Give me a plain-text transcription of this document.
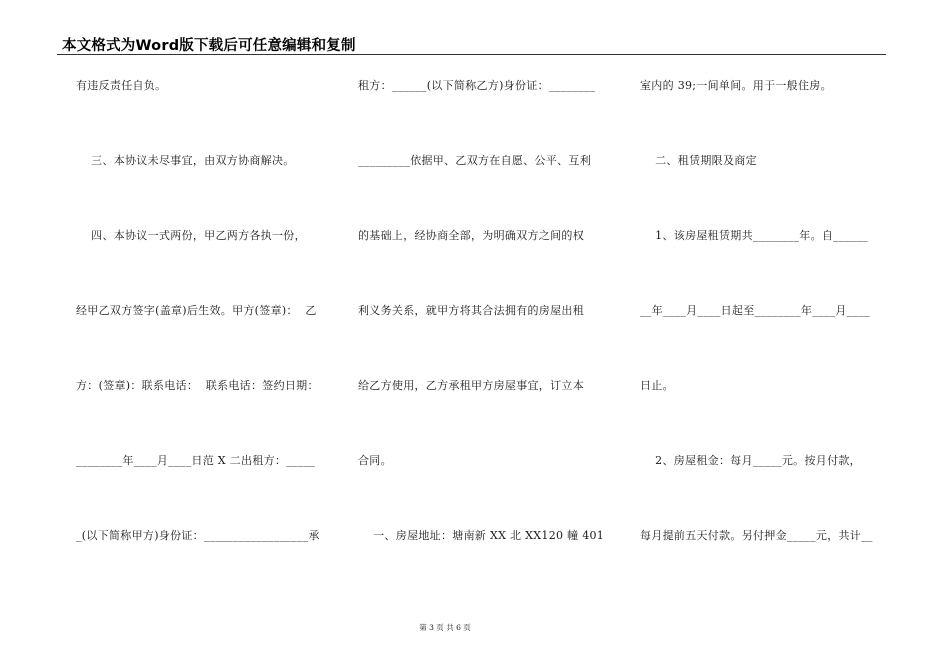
本文格式为Word版下载后可任意编辑和复制
有违反责任自负。
三、本协议未尽事宜，由双方协商解决。
四、本协议一式两份，甲乙两方各执一份，
经甲乙双方签字(盖章)后生效。甲方(签章)：  乙
方：(签章)：联系电话：  联系电话：签约日期：
________年____月____日范 X 二出租方：_____
_(以下简称甲方)身份证：__________________承
租方：______(以下简称乙方)身份证：________
_________依据甲、乙双方在自愿、公平、互利
的基础上，经协商全部，为明确双方之间的权
利义务关系，就甲方将其合法拥有的房屋出租
给乙方使用，乙方承租甲方房屋事宜，订立本
合同。
一、房屋地址：塘南新 XX 北 XX120 幢 401
室内的 39;一间单间。用于一般住房。
二、租赁期限及商定
1、该房屋租赁期共________年。自______
__年____月____日起至________年____月____
日止。
2、房屋租金：每月_____元。按月付款，
每月提前五天付款。另付押金_____元，共计__
第 3 页 共 6 页
